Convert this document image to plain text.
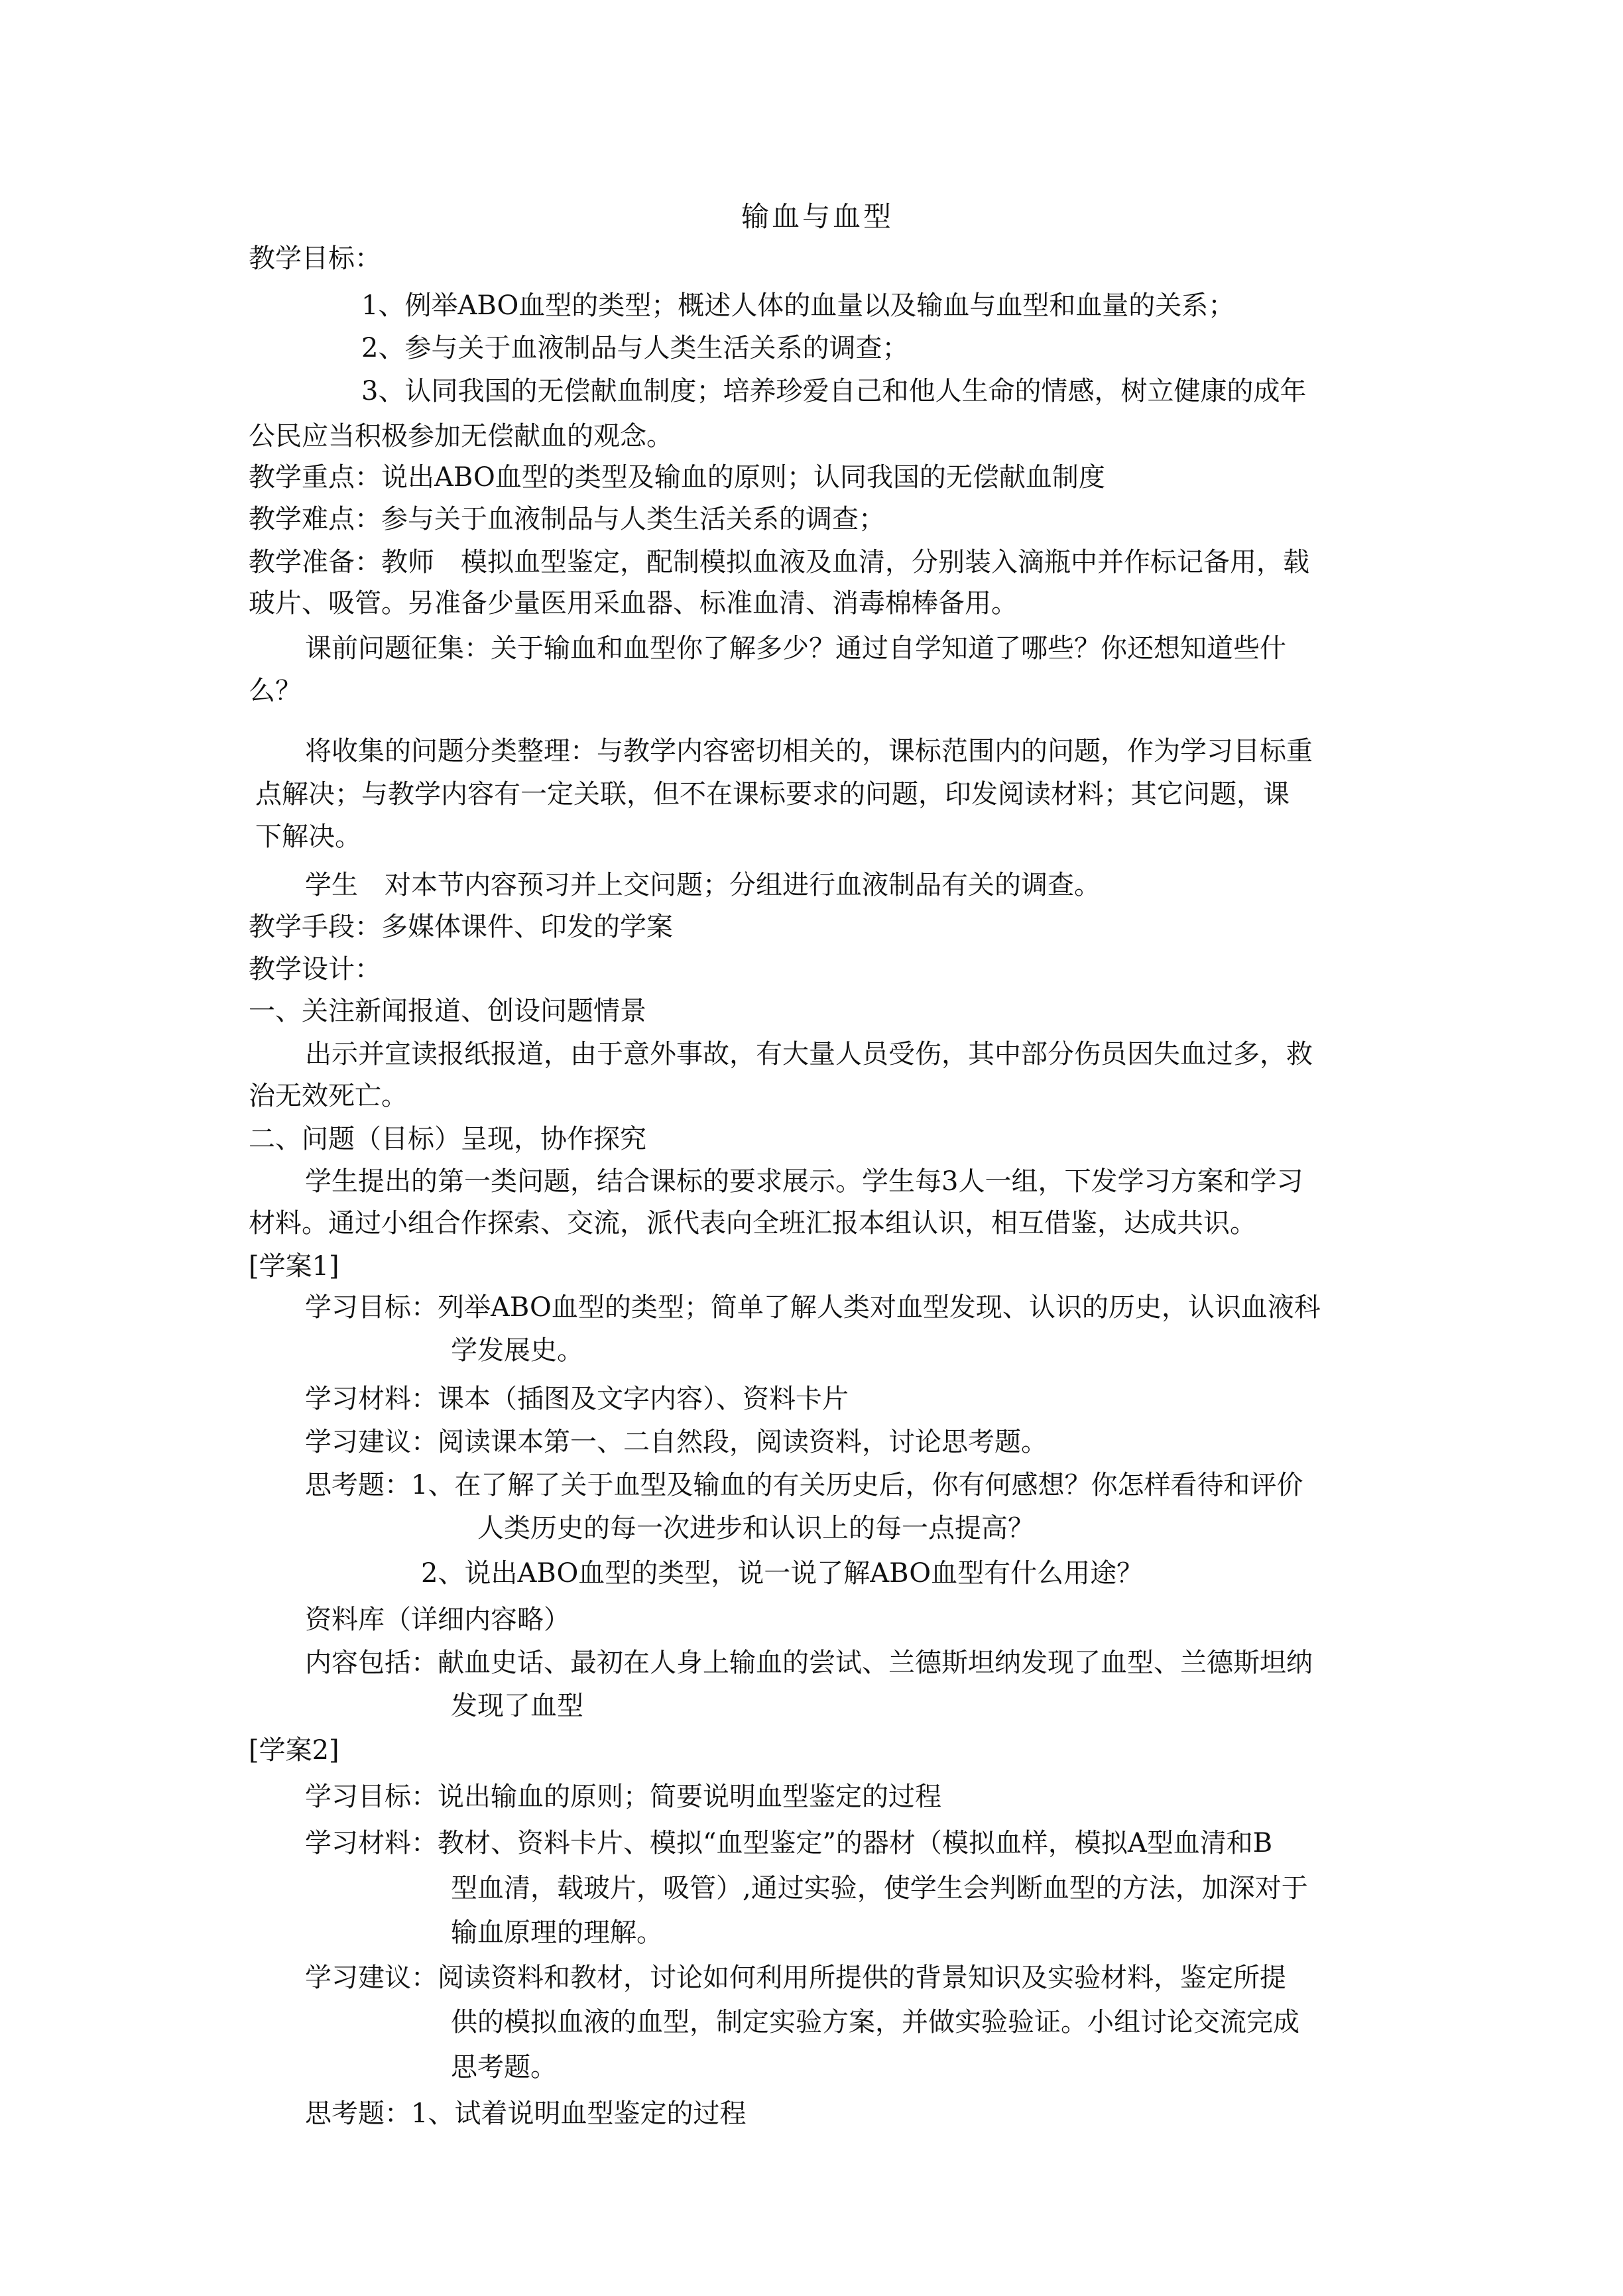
输血与血型
教学目标：
1、例举ABO血型的类型；概述人体的血量以及输血与血型和血量的关系；
2、参与关于血液制品与人类生活关系的调查；
3、认同我国的无偿献血制度；培养珍爱自己和他人生命的情感，树立健康的成年
公民应当积极参加无偿献血的观念。
教学重点：说出ABO血型的类型及输血的原则；认同我国的无偿献血制度
教学难点：参与关于血液制品与人类生活关系的调查；
教学准备：教师 模拟血型鉴定，配制模拟血液及血清，分别装入滴瓶中并作标记备用，载
玻片、吸管。另准备少量医用采血器、标准血清、消毒棉棒备用。
课前问题征集：关于输血和血型你了解多少？通过自学知道了哪些？你还想知道些什
么？
将收集的问题分类整理：与教学内容密切相关的，课标范围内的问题，作为学习目标重
点解决；与教学内容有一定关联，但不在课标要求的问题，印发阅读材料；其它问题，课
下解决。
学生 对本节内容预习并上交问题；分组进行血液制品有关的调查。
教学手段：多媒体课件、印发的学案
教学设计：
一、关注新闻报道、创设问题情景
出示并宣读报纸报道，由于意外事故，有大量人员受伤，其中部分伤员因失血过多，救
治无效死亡。
二、问题（目标）呈现，协作探究
学生提出的第一类问题，结合课标的要求展示。学生每3人一组，下发学习方案和学习
材料。通过小组合作探索、交流，派代表向全班汇报本组认识，相互借鉴，达成共识。
[学案1]
学习目标：列举ABO血型的类型；简单了解人类对血型发现、认识的历史，认识血液科
学发展史。
学习材料：课本（插图及文字内容）、资料卡片
学习建议：阅读课本第一、二自然段，阅读资料，讨论思考题。
思考题：1、在了解了关于血型及输血的有关历史后，你有何感想？你怎样看待和评价
人类历史的每一次进步和认识上的每一点提高？
2、说出ABO血型的类型，说一说了解ABO血型有什么用途？
资料库（详细内容略）
内容包括：献血史话、最初在人身上输血的尝试、兰德斯坦纳发现了血型、兰德斯坦纳
发现了血型
[学案2]
学习目标：说出输血的原则；简要说明血型鉴定的过程
学习材料：教材、资料卡片、模拟“血型鉴定”的器材（模拟血样，模拟A型血清和B
型血清，载玻片，吸管）,通过实验，使学生会判断血型的方法，加深对于
输血原理的理解。
学习建议：阅读资料和教材，讨论如何利用所提供的背景知识及实验材料，鉴定所提
供的模拟血液的血型，制定实验方案，并做实验验证。小组讨论交流完成
思考题。
思考题：1、试着说明血型鉴定的过程
